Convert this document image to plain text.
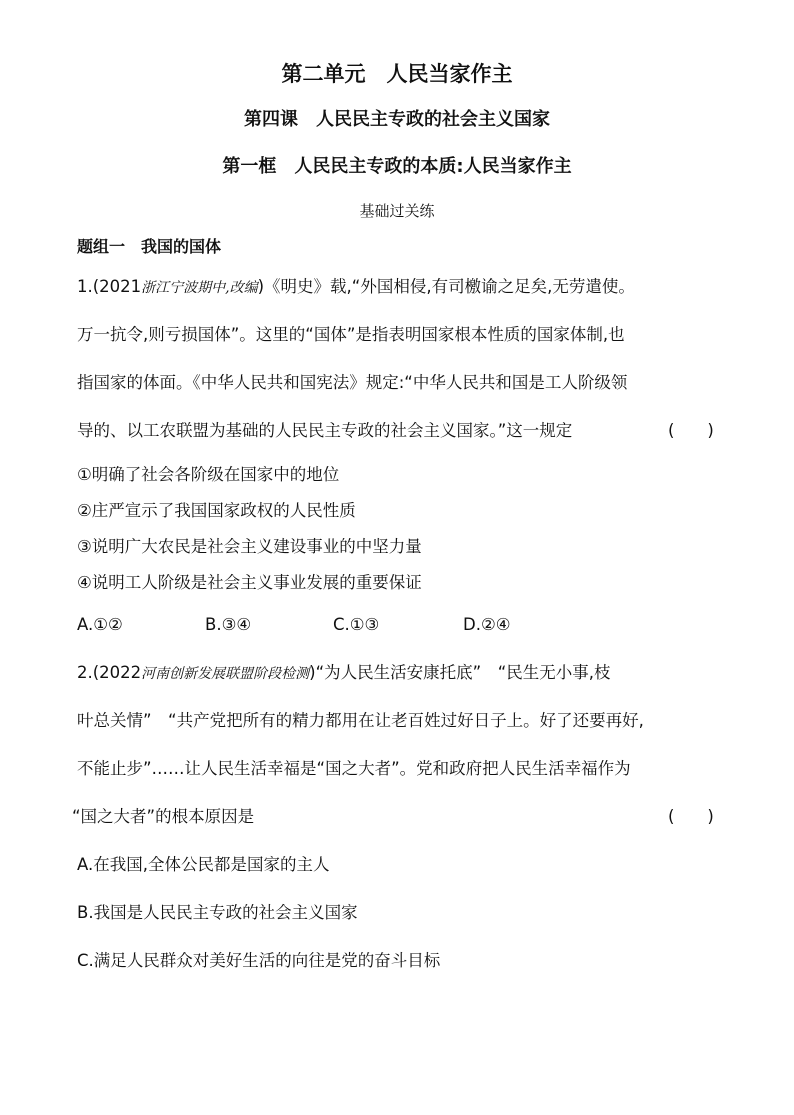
第二单元　人民当家作主
第四课　人民民主专政的社会主义国家
第一框　人民民主专政的本质:人民当家作主
基础过关练
题组一　我国的国体
1.(2021浙江宁波期中,改编)《明史》载,“外国相侵,有司檄谕之足矣,无劳遣使。
万一抗令,则亏损国体”。这里的“国体”是指表明国家根本性质的国家体制,也
指国家的体面。《中华人民共和国宪法》规定:“中华人民共和国是工人阶级领
导的、以工农联盟为基础的人民民主专政的社会主义国家。”这一规定	(　　)
①明确了社会各阶级在国家中的地位
②庄严宣示了我国国家政权的人民性质
③说明广大农民是社会主义建设事业的中坚力量
④说明工人阶级是社会主义事业发展的重要保证
A.①②	B.③④	C.①③	D.②④
2.(2022河南创新发展联盟阶段检测)“为人民生活安康托底”　“民生无小事,枝
叶总关情”　“共产党把所有的精力都用在让老百姓过好日子上。好了还要再好,
不能止步”……让人民生活幸福是“国之大者”。党和政府把人民生活幸福作为
“国之大者”的根本原因是	(　　)
A.在我国,全体公民都是国家的主人
B.我国是人民民主专政的社会主义国家
C.满足人民群众对美好生活的向往是党的奋斗目标
